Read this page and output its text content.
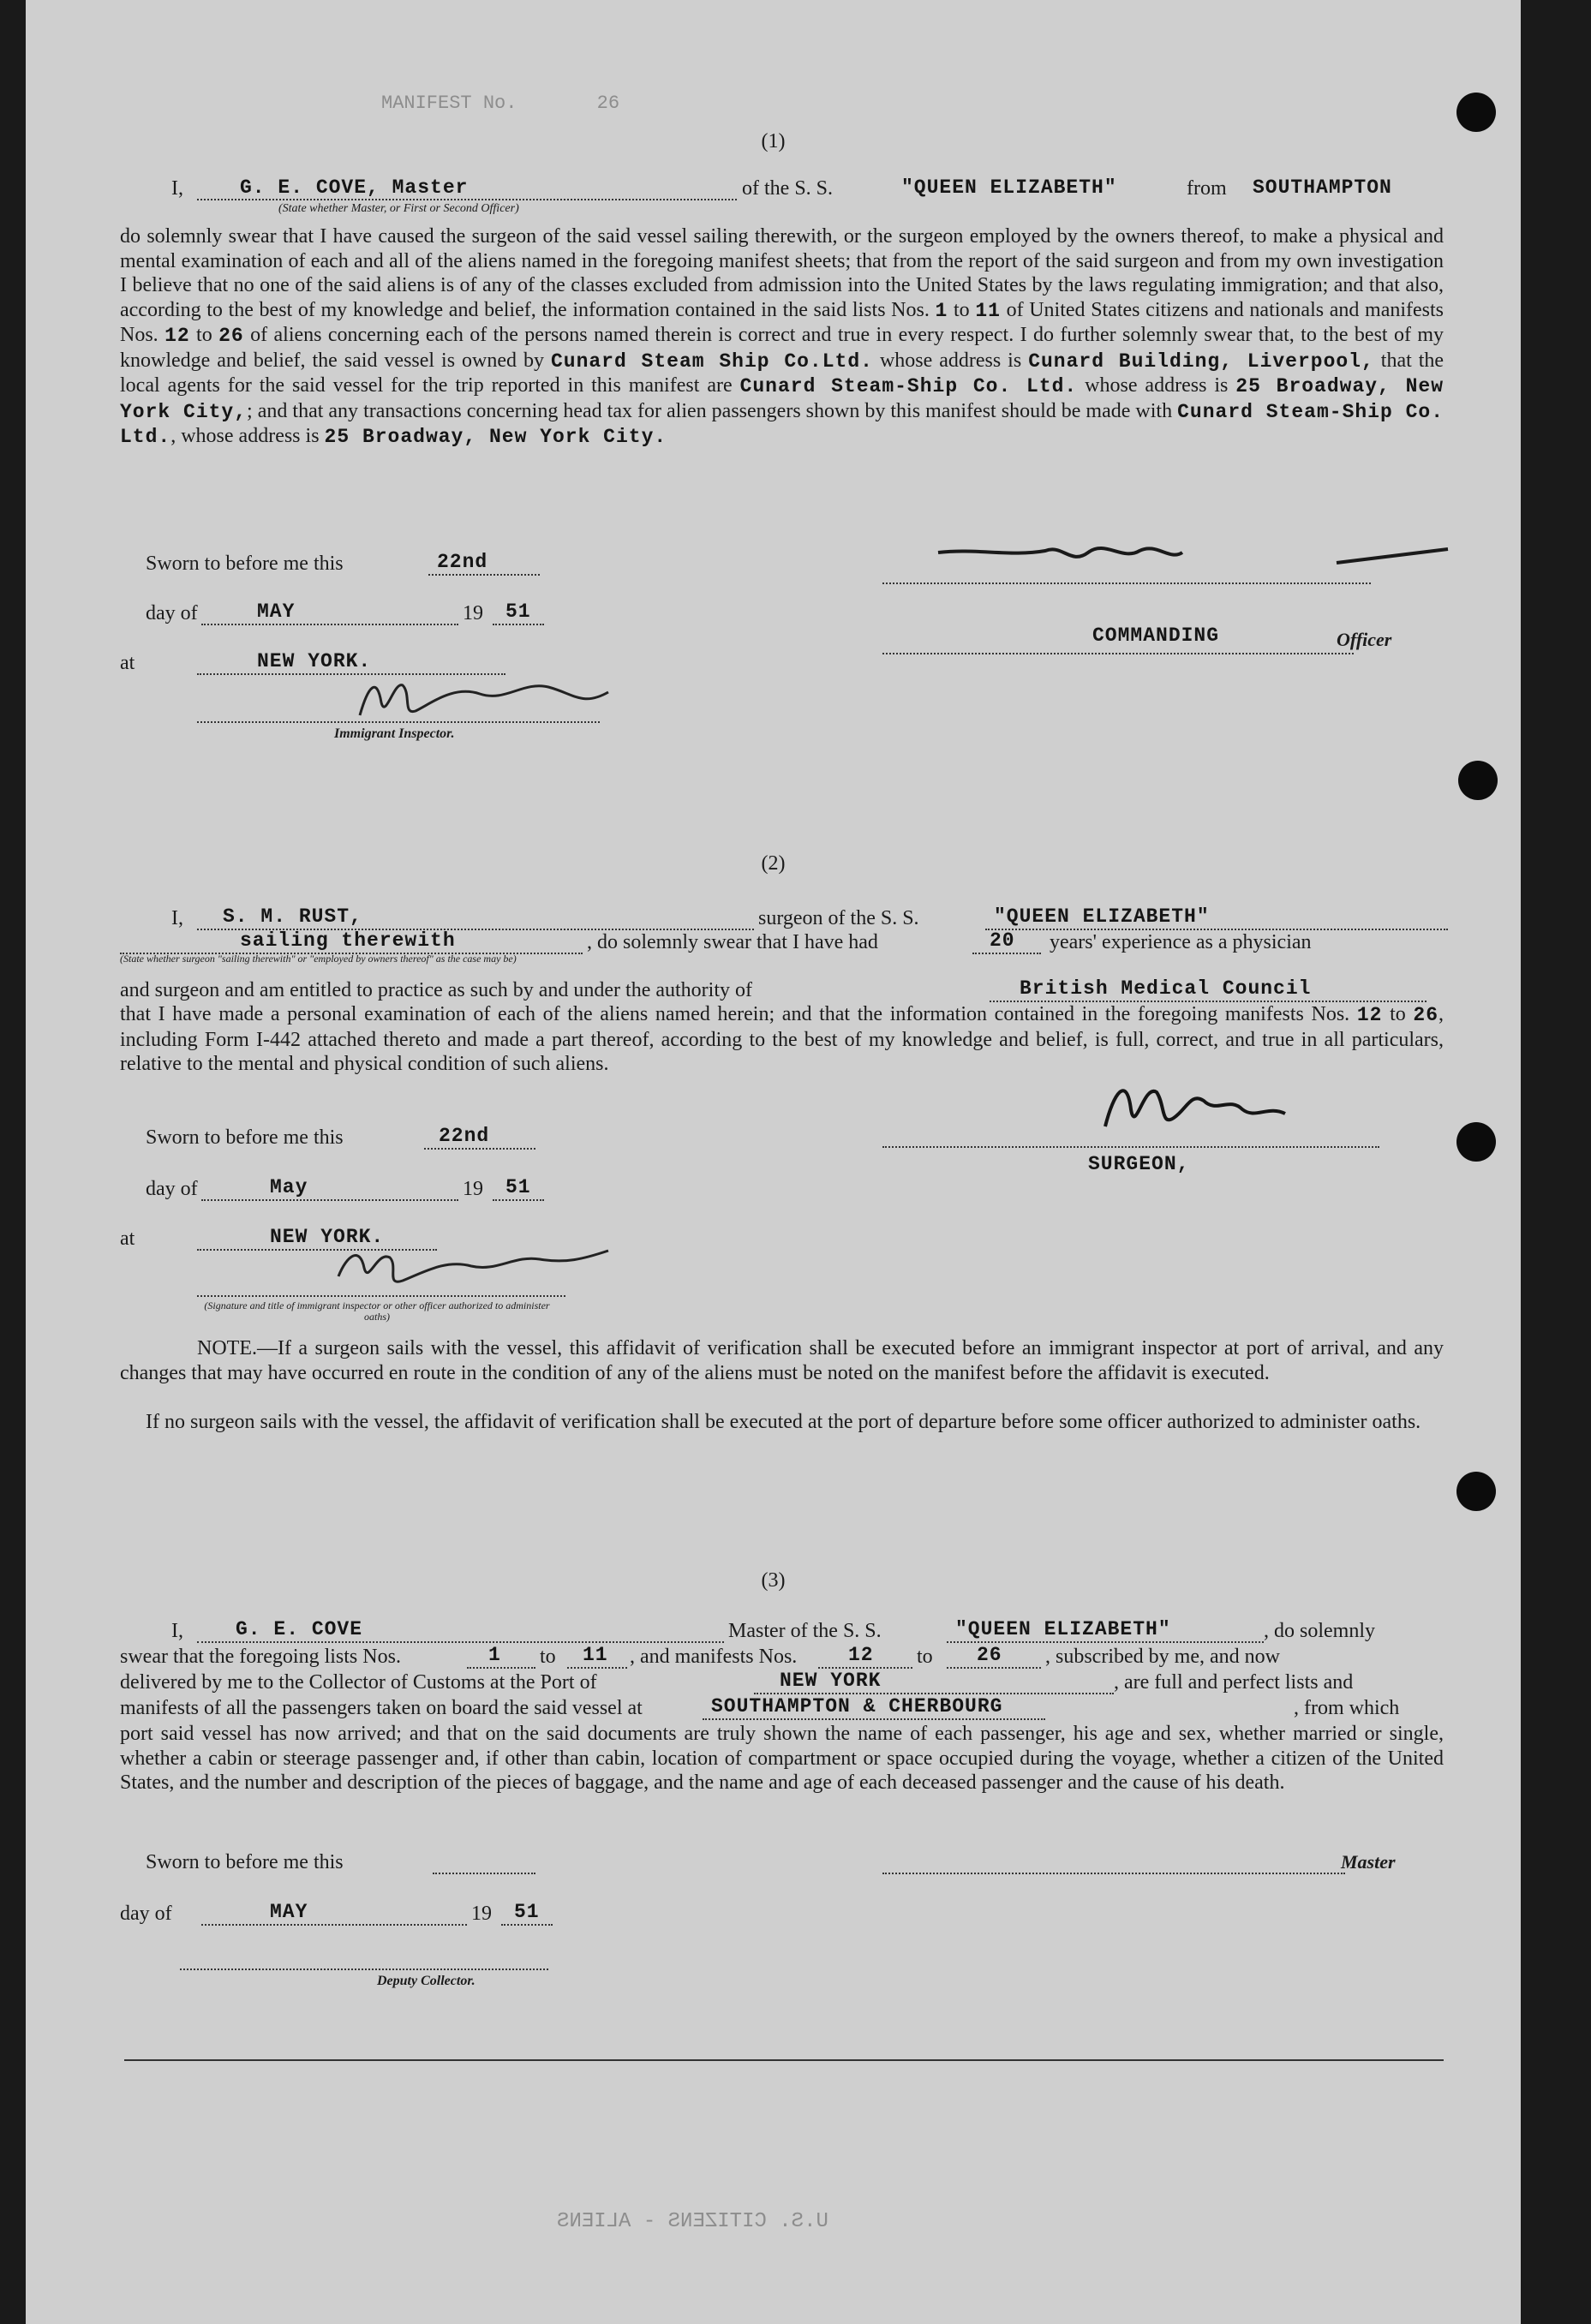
MANIFEST No.	26
(1)
I,	G. E. COVE, Master	of the S. S.	"QUEEN ELIZABETH"	from SOUTHAMPTON
(State whether Master, or First or Second Officer)
do solemnly swear that I have caused the surgeon of the said vessel sailing therewith, or the surgeon employed by the owners thereof, to make a physical and mental examination of each and all of the aliens named in the foregoing manifest sheets; that from the report of the said surgeon and from my own investigation I believe that no one of the said aliens is of any of the classes excluded from admission into the United States by the laws regulating immigration; and that also, according to the best of my knowledge and belief, the information contained in the said lists Nos. 1 to 11 of United States citizens and nationals and manifests Nos. 12 to 26 of aliens concerning each of the persons named therein is correct and true in every respect. I do further solemnly swear that, to the best of my knowledge and belief, the said vessel is owned by Cunard Steam Ship Co.Ltd. whose address is Cunard Building, Liverpool, that the local agents for the said vessel for the trip reported in this manifest are Cunard Steam-Ship Co. Ltd. whose address is 25 Broadway, New York City,; and that any transactions concerning head tax for alien passengers shown by this manifest should be made with Cunard Steam-Ship Co. Ltd., whose address is 25 Broadway, New York City.
Sworn to before me this	22nd
day of	MAY	19 51
at	NEW YORK.
Immigrant Inspector.
COMMANDING	Officer
(2)
I, S. M. RUST,	surgeon of the S. S.	"QUEEN ELIZABETH"
sailing therewith	, do solemnly swear that I have had	20 years' experience as a physician
(State whether surgeon "sailing therewith" or "employed by owners thereof" as the case may be)
and surgeon and am entitled to practice as such by and under the authority of	British Medical Council
that I have made a personal examination of each of the aliens named herein; and that the information contained in the foregoing manifests Nos. 12 to 26, including Form I-442 attached thereto and made a part thereof, according to the best of my knowledge and belief, is full, correct, and true in all particulars, relative to the mental and physical condition of such aliens.
Sworn to before me this	22nd
day of	May	19 51
at	NEW YORK.
(Signature and title of immigrant inspector or other officer authorized to administer oaths)
SURGEON,
NOTE.—If a surgeon sails with the vessel, this affidavit of verification shall be executed before an immigrant inspector at port of arrival, and any changes that may have occurred en route in the condition of any of the aliens must be noted on the manifest before the affidavit is executed.
If no surgeon sails with the vessel, the affidavit of verification shall be executed at the port of departure before some officer authorized to administer oaths.
(3)
I,	G. E. COVE	Master of the S. S.	"QUEEN ELIZABETH"	, do solemnly
swear that the foregoing lists Nos.	1 to 11 , and manifests Nos.	12 to 26 , subscribed by me, and now
delivered by me to the Collector of Customs at the Port of	NEW YORK	, are full and perfect lists and
manifests of all the passengers taken on board the said vessel at	SOUTHAMPTON & CHERBOURG	, from which
port said vessel has now arrived; and that on the said documents are truly shown the name of each passenger, his age and sex, whether married or single, whether a cabin or steerage passenger and, if other than cabin, location of compartment or space occupied during the voyage, whether a citizen of the United States, and the number and description of the pieces of baggage, and the name and age of each deceased passenger and the cause of his death.
Sworn to before me this	Master
day of	MAY	19 51
Deputy Collector.
U.S. CITIZENS - ALIENS
